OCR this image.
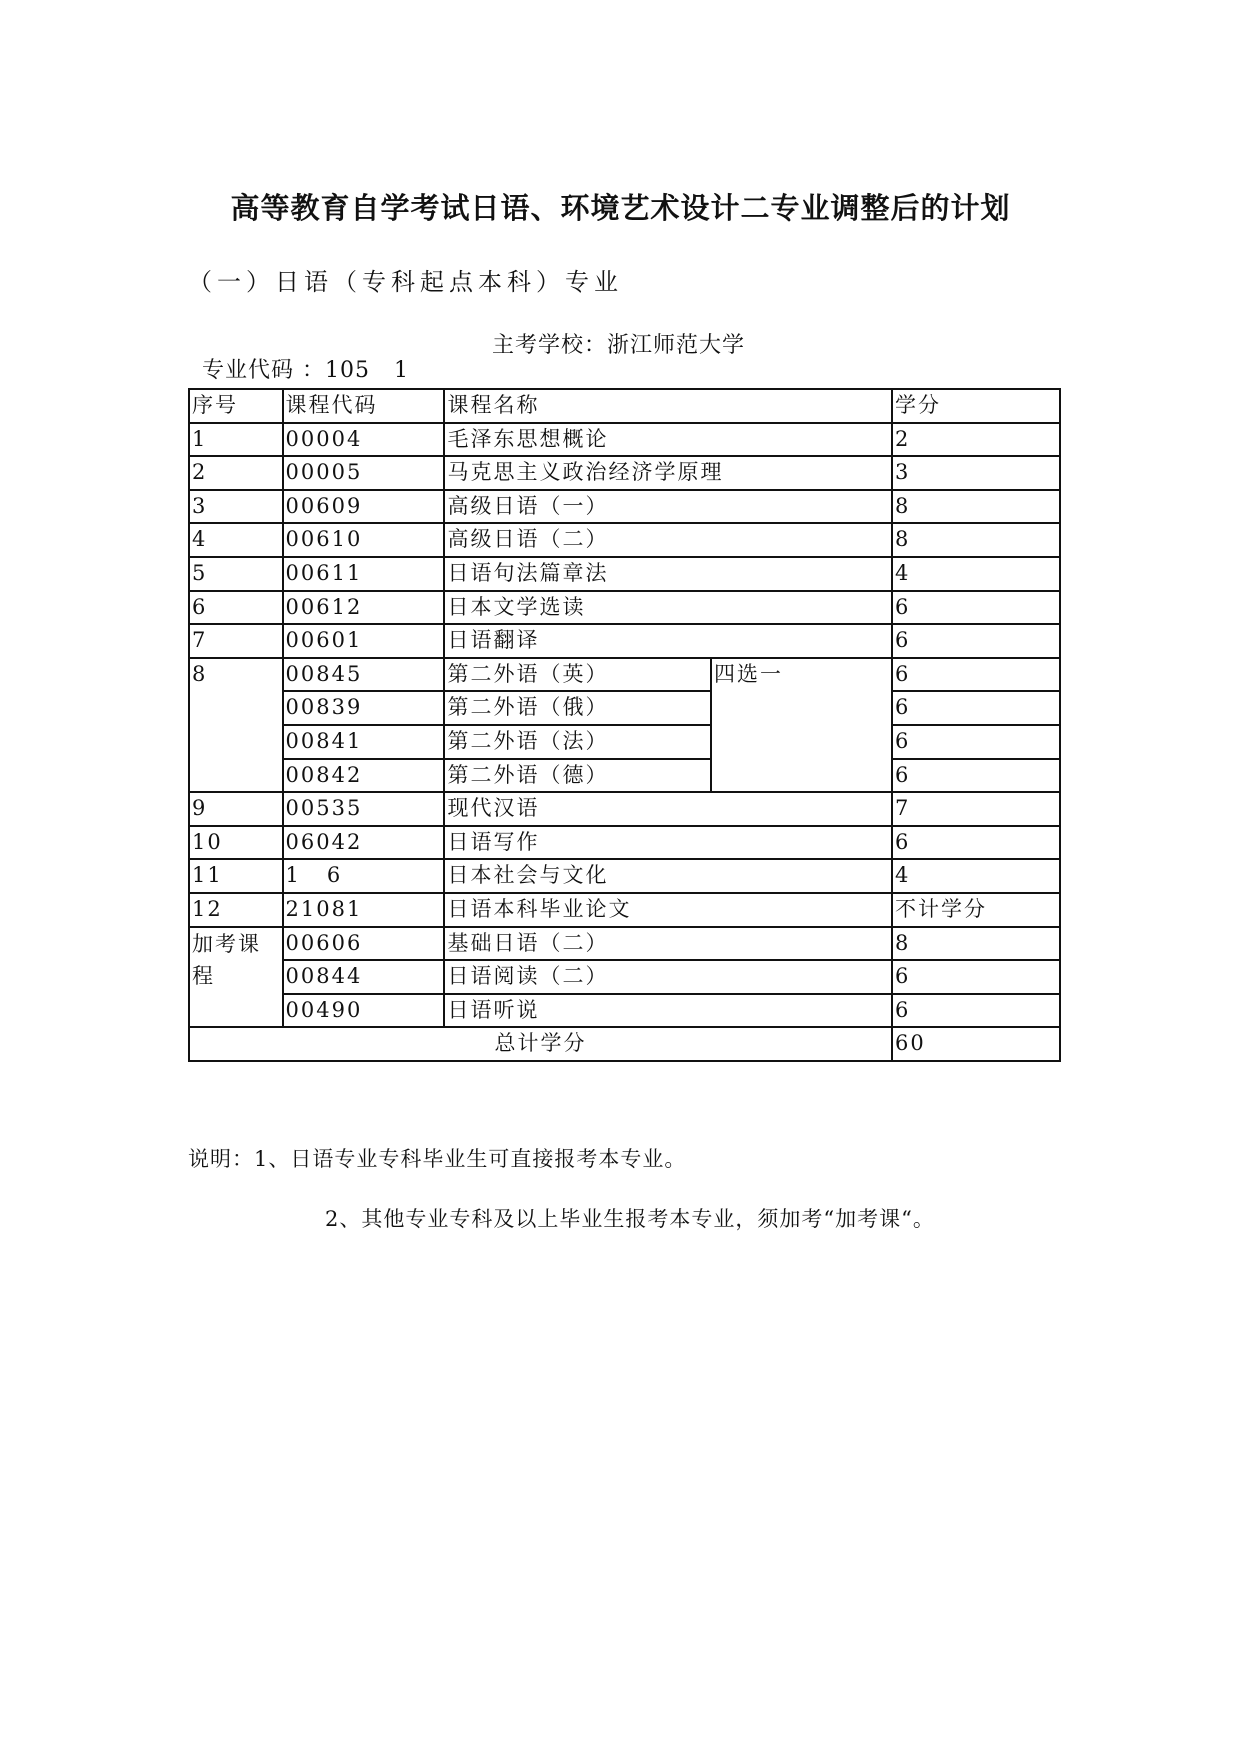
高等教育自学考试日语、环境艺术设计二专业调整后的计划

（一）日语（专科起点本科）专业

专业代码 ：105   1

主考学校：浙江师范大学

序号	课程代码	课程名称		学分
1	00004	毛泽东思想概论		2
2	00005	马克思主义政治经济学原理		3
3	00609	高级日语（一）		8
4	00610	高级日语（二）		8
5	00611	日语句法篇章法		4
6	00612	日本文学选读		6
7	00601	日语翻译		6
8	00845	第二外语（英）	四选一	6
	00839	第二外语（俄）		6
	00841	第二外语（法）		6
	00842	第二外语（德）		6
9	00535	现代汉语		7
10	06042	日语写作		6
11	1   6	日本社会与文化		4
12	21081	日语本科毕业论文		不计学分
加考课程	00606	基础日语（二）		8
	00844	日语阅读（二）		6
	00490	日语听说		6
总计学分				60

说明：1、日语专业专科毕业生可直接报考本专业。

2、其他专业专科及以上毕业生报考本专业，须加考“加考课“。
